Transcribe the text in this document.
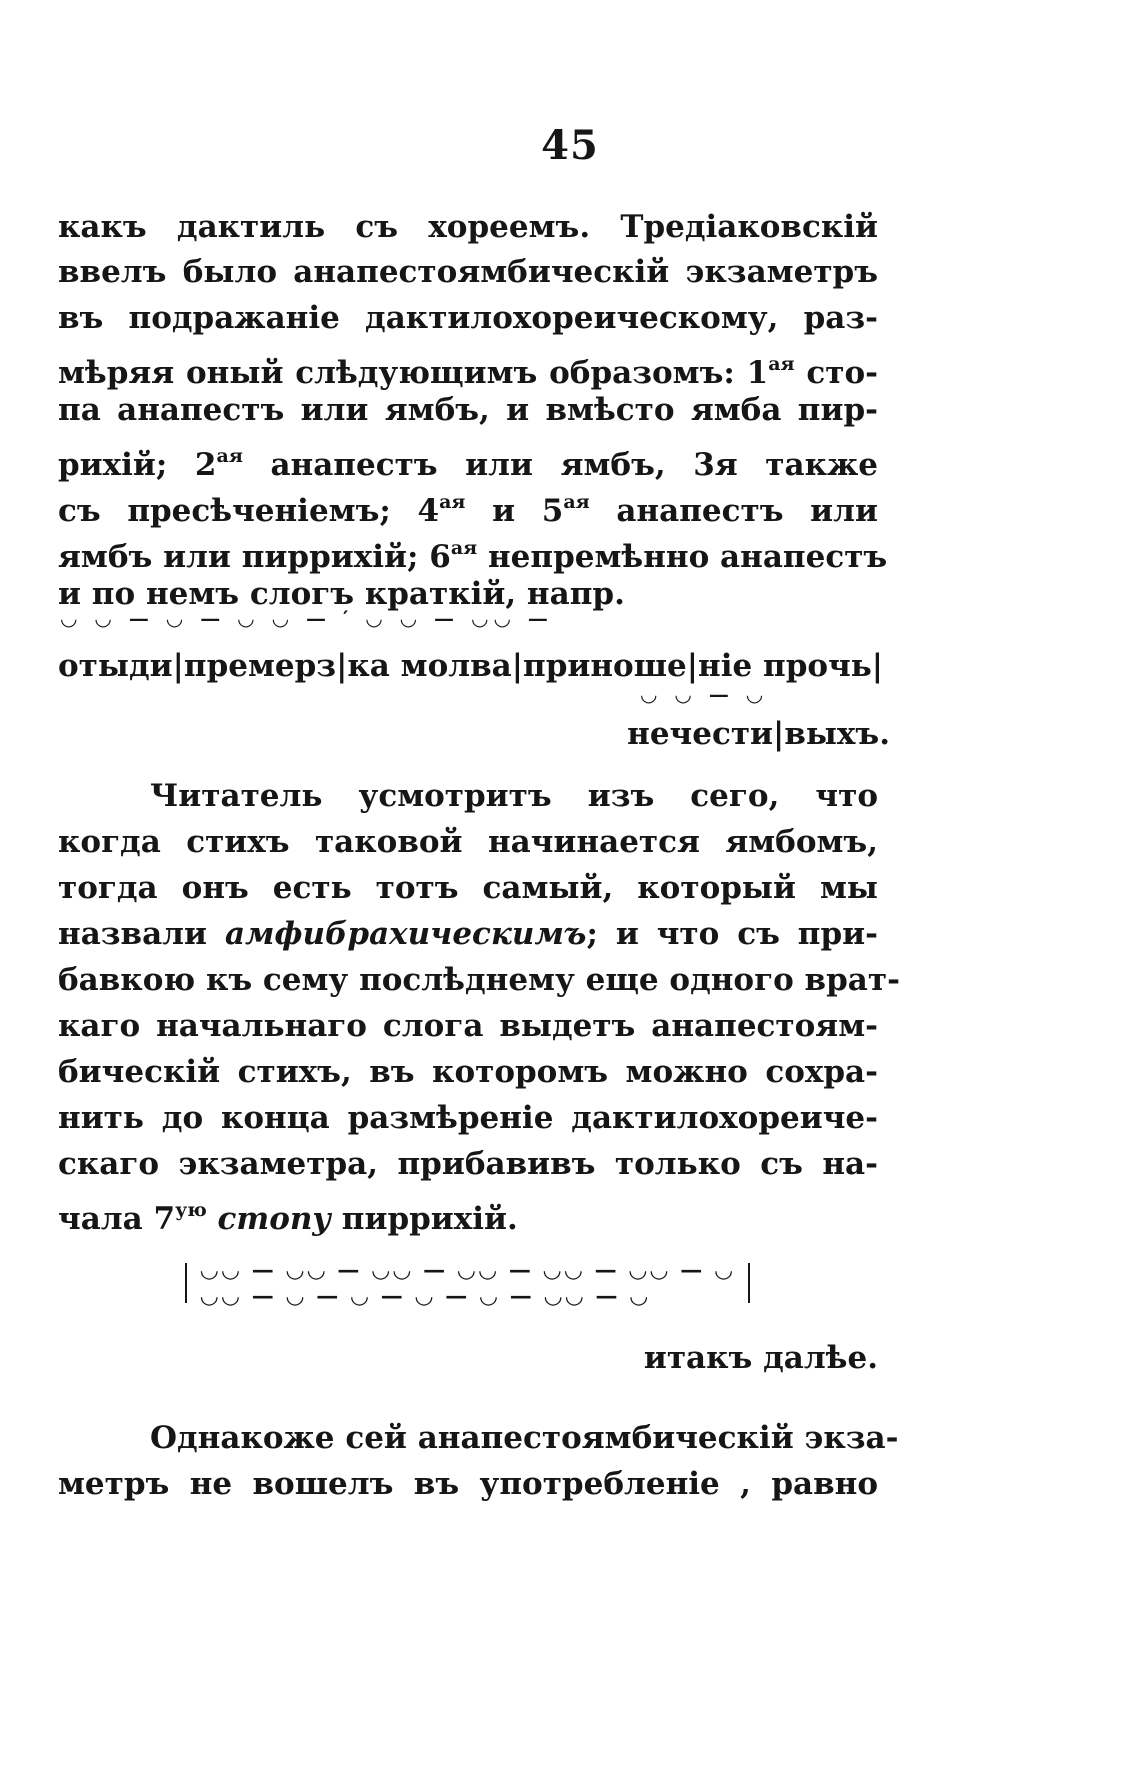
45
какъ дактиль съ хореемъ. Тредіаковскій
ввелъ было анапестоямбическій экзаметръ
въ подражаніе дактилохореическому, раз-
мѣряя оный слѣдующимъ образомъ: $1^{ая}$ сто-
па анапестъ или ямбъ, и вмѣсто ямба пир-
рихій; $2^{ая}$ анапестъ или ямбъ, 3я также
съ пресѣченіемъ; $4^{ая}$ и $5^{ая}$ анапестъ или
ямбъ или пиррихій; $6^{ая}$ непремѣнно анапестъ
и по немъ слогъ краткій, напр.
◡ ◡ — ◡ — ◡ ◡ — ′ ◡ ◡ — ◡◡ —
отыди|премерз|ка молва|приноше|ніе прочь|
◡ ◡ — ◡
нечести|выхъ.
Читатель усмотритъ изъ сего, что
когда стихъ таковой начинается ямбомъ,
тогда онъ есть тотъ самый, который мы
назвали амфибрахическимъ; и что съ при-
бавкою къ сему послѣднему еще одного врат-
каго начальнаго слога выдетъ анапестоям-
бическій стихъ, въ которомъ можно сохра-
нить до конца размѣреніе дактилохореиче-
скаго экзаметра, прибавивъ только съ на-
чала $7^{ую}$ стопу пиррихій.

◡◡ — ◡◡ — ◡◡ — ◡◡ — ◡◡ — ◡◡ — ◡
◡◡ — ◡ — ◡ — ◡ — ◡ — ◡◡ — ◡

итакъ далѣе.
Однакоже сей анапестоямбическій экза-
метръ не вошелъ въ употребленіе , равно
